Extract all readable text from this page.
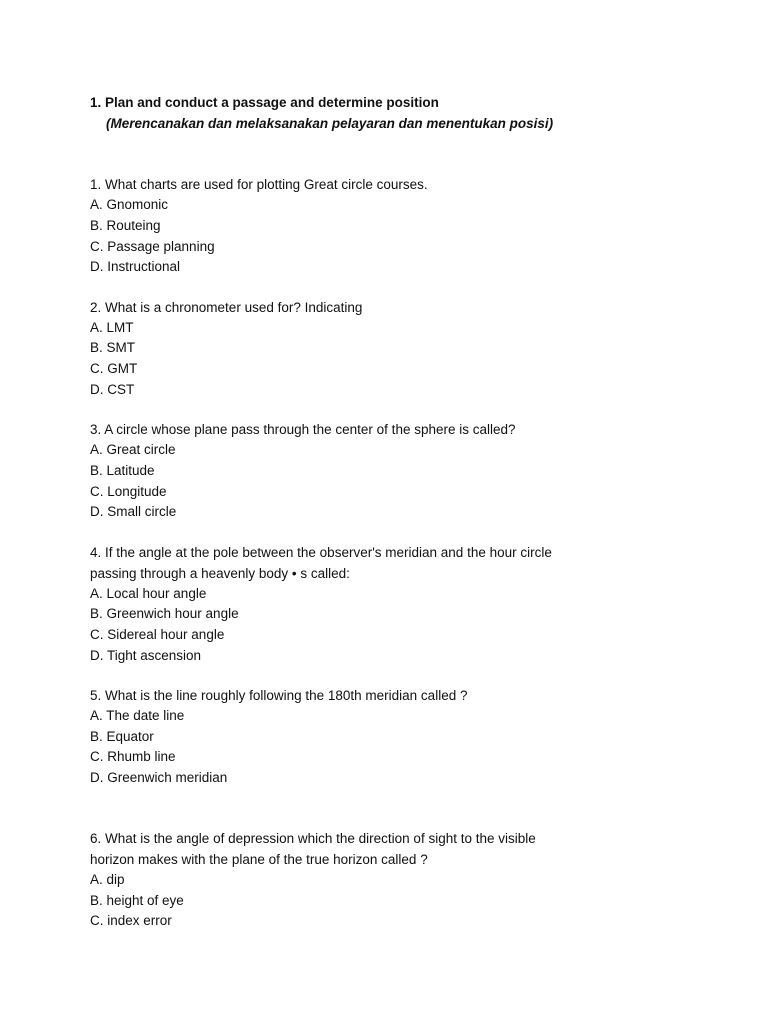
1. Plan and conduct a passage and determine position
(Merencanakan dan melaksanakan pelayaran dan menentukan posisi)
1. What charts are used for plotting Great circle courses.
A. Gnomonic
B. Routeing
C. Passage planning
D. Instructional
2. What is a chronometer used for? Indicating
A. LMT
B. SMT
C. GMT
D. CST
3. A circle whose plane pass through the center of the sphere is called?
A. Great circle
B. Latitude
C. Longitude
D. Small circle
4. If the angle at the pole between the observer's meridian and the hour circle
passing through a heavenly body • s called:
A. Local hour angle
B. Greenwich hour angle
C. Sidereal hour angle
D. Tight ascension
5. What is the line roughly following the 180th meridian called ?
A. The date line
B. Equator
C. Rhumb line
D. Greenwich meridian
6. What is the angle of depression which the direction of sight to the visible
horizon makes with the plane of the true horizon called ?
A. dip
B. height of eye
C. index error
